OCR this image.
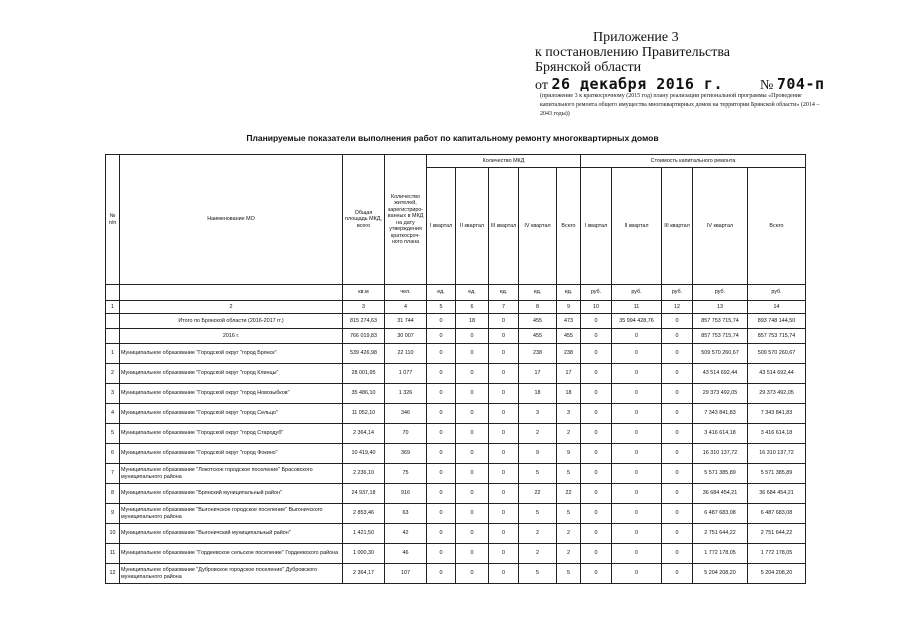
Приложение 3
к постановлению Правительства
Брянской области
от 26 декабря 2016 г.	№ 704-п
(приложение 3 к краткосрочному (2015 год) плану реализации региональной программы «Проведение капитального ремонта общего имущества многоквартирных домов на территории Брянской области» (2014 – 2043 годы))
Планируемые показатели выполнения работ по капитальному ремонту многоквартирных домов
№ п/п	Наименование МО	Общая площадь МКД, всего	Количество жителей, зарегистриро-ванных в МКД на дату утверждения краткосроч-ного плана	Количество МКД					Стоимость капитального ремонта				
				I квартал	II квартал	III квартал	IV квартал	Всего	I квартал	II квартал	III квартал	IV квартал	Всего
		кв.м	чел.	ед.	ед.	ед.	ед.	ед.	руб.	руб.	руб.	руб.	руб.
1	2	3	4	5	6	7	8	9	10	11	12	13	14
	Итого по Брянской области (2016-2017 гг.)	815 274,63	31 744	0	18	0	455	473	0	35 994 428,76	0	857 753 715,74	893 748 144,50
	2016 г.	766 019,83	30 007	0	0	0	455	455	0	0	0	857 753 715,74	857 753 715,74
1	Муниципальное образование "Городской округ "город Брянск"	539 426,98	22 110	0	0	0	238	238	0	0	0	509 570 260,67	509 570 260,67
2	Муниципальное образование "Городской округ "город Клинцы"	28 001,95	1 077	0	0	0	17	17	0	0	0	43 514 692,44	43 514 692,44
3	Муниципальное образование "Городской округ "город Новозыбков"	35 486,10	1 326	0	0	0	18	18	0	0	0	29 373 492,05	29 373 492,05
4	Муниципальное образование "Городской округ "город Сельцо"	11 052,10	346	0	0	0	3	3	0	0	0	7 343 841,83	7 343 841,83
5	Муниципальное образование "Городской округ "город Стародуб"	2 364,14	70	0	0	0	2	2	0	0	0	3 416 614,18	3 416 614,18
6	Муниципальное образование "Городской округ "город Фокино"	10 419,40	369	0	0	0	9	9	0	0	0	16 310 137,72	16 310 137,72
7	Муниципальное образование "Локотское городское поселение" Брасовского муниципального района	2 236,10	75	0	0	0	5	5	0	0	0	5 571 385,89	5 571 385,89
8	Муниципальное образование "Брянский муниципальный район"	24 937,18	916	0	0	0	22	22	0	0	0	36 684 454,21	36 684 454,21
9	Муниципальное образование "Выгоничское городское поселение" Выгоничского муниципального района	2 853,46	63	0	0	0	5	5	0	0	0	6 487 683,08	6 487 683,08
10	Муниципальное образование "Выгоничский муниципальный район"	1 421,50	42	0	0	0	2	2	0	0	0	2 751 644,22	2 751 644,22
11	Муниципальное образование "Гордеевское сельское поселение" Гордеевского района	1 000,30	46	0	0	0	2	2	0	0	0	1 772 178,05	1 772 178,05
12	Муниципальное образование "Дубровское городское поселение" Дубровского муниципального района	2 364,17	107	0	0	0	5	5	0	0	0	5 204 208,20	5 204 208,20
